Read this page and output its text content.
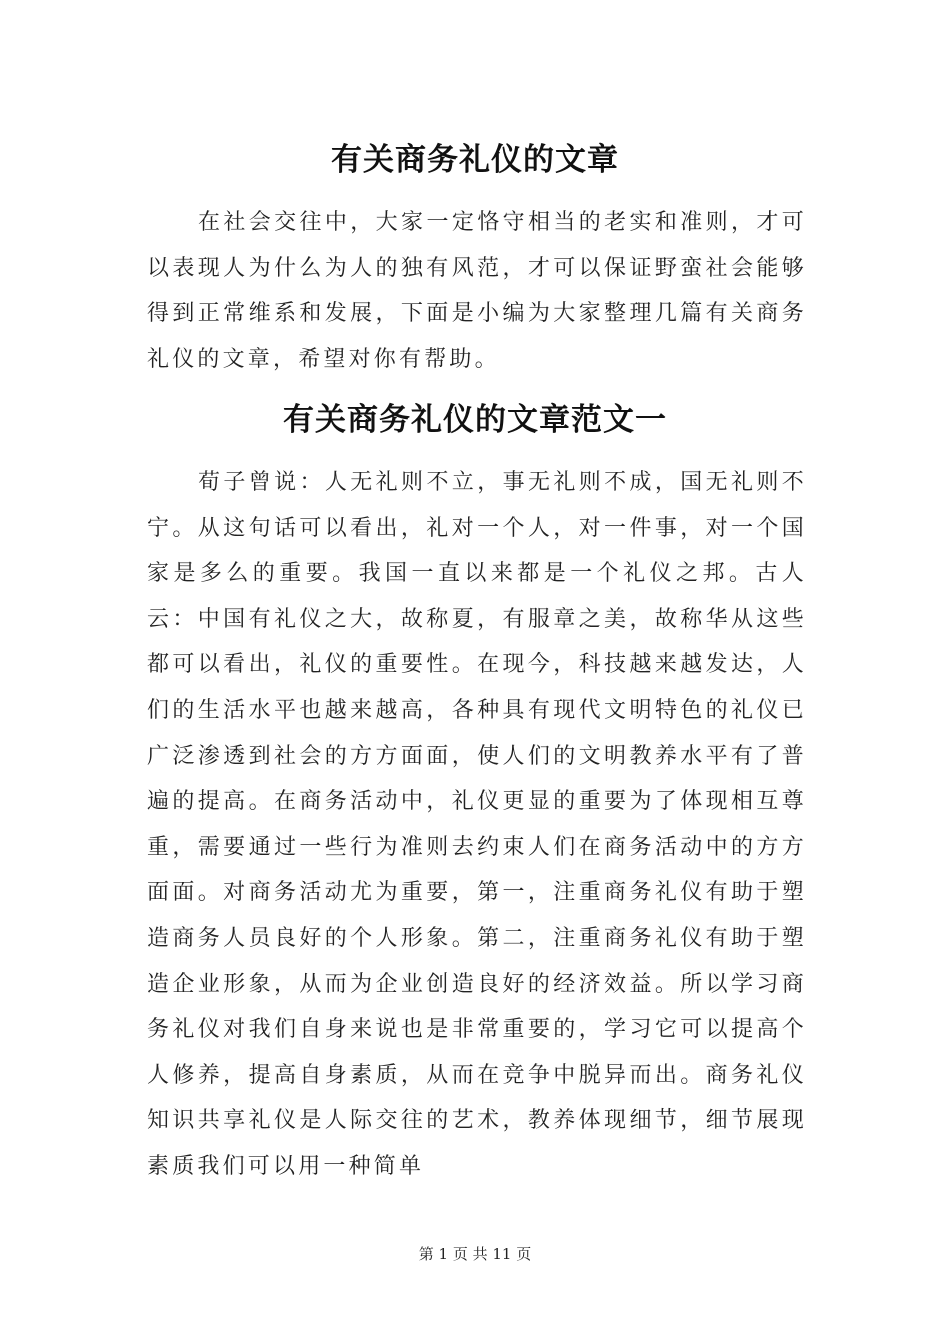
有关商务礼仪的文章
在社会交往中，大家一定恪守相当的老实和准则，才可以表现人为什么为人的独有风范，才可以保证野蛮社会能够得到正常维系和发展，下面是小编为大家整理几篇有关商务礼仪的文章，希望对你有帮助。
有关商务礼仪的文章范文一
荀子曾说：人无礼则不立，事无礼则不成，国无礼则不宁。从这句话可以看出，礼对一个人，对一件事，对一个国家是多么的重要。我国一直以来都是一个礼仪之邦。古人云：中国有礼仪之大，故称夏，有服章之美，故称华从这些都可以看出，礼仪的重要性。在现今，科技越来越发达，人们的生活水平也越来越高，各种具有现代文明特色的礼仪已广泛渗透到社会的方方面面，使人们的文明教养水平有了普遍的提高。在商务活动中，礼仪更显的重要为了体现相互尊重，需要通过一些行为准则去约束人们在商务活动中的方方面面。对商务活动尤为重要，第一，注重商务礼仪有助于塑造商务人员良好的个人形象。第二，注重商务礼仪有助于塑造企业形象，从而为企业创造良好的经济效益。所以学习商务礼仪对我们自身来说也是非常重要的，学习它可以提高个人修养，提高自身素质，从而在竞争中脱异而出。商务礼仪知识共享礼仪是人际交往的艺术，教养体现细节，细节展现素质我们可以用一种简单
第 1 页 共 11 页
